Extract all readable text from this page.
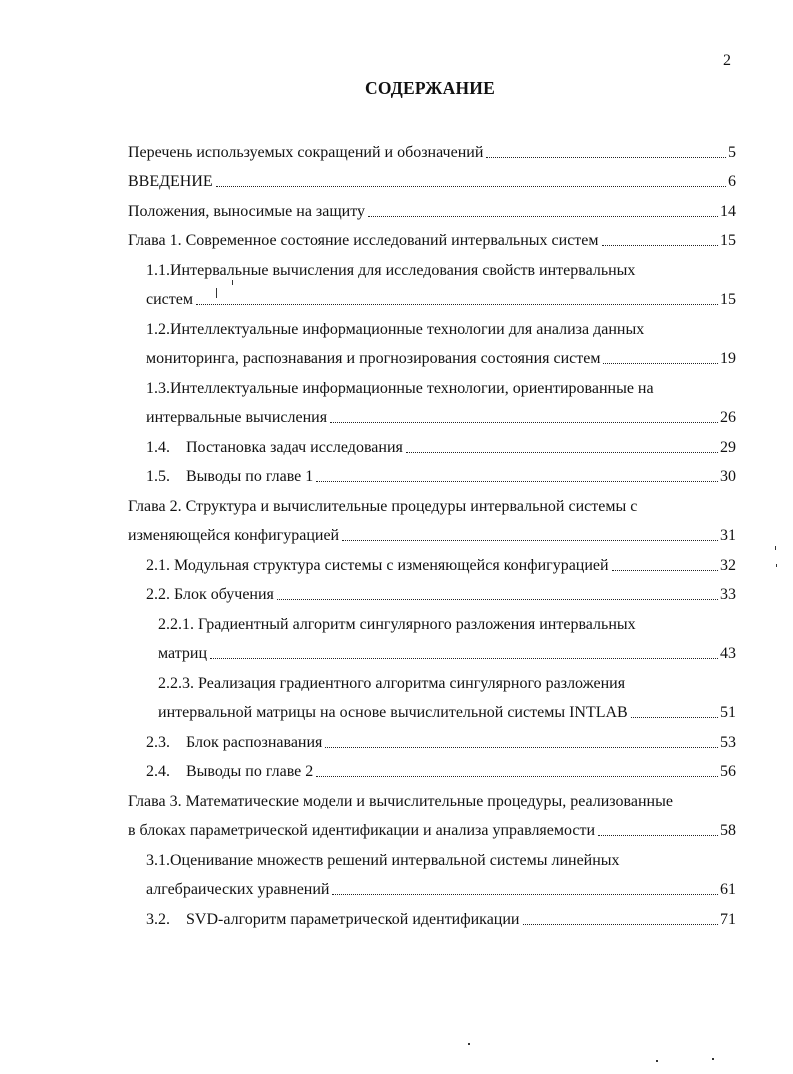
2
СОДЕРЖАНИЕ
Перечень используемых сокращений и обозначений	5
ВВЕДЕНИЕ	6
Положения, выносимые на защиту	14
Глава 1. Современное состояние исследований интервальных систем	15
1.1.Интервальные вычисления для исследования свойств интервальных
систем	15
1.2.Интеллектуальные информационные технологии для анализа данных
мониторинга, распознавания и прогнозирования состояния систем	19
1.3.Интеллектуальные информационные технологии, ориентированные на
интервальные вычисления	26
1.4. Постановка задач исследования	29
1.5. Выводы по главе 1	30
Глава 2. Структура и вычислительные процедуры интервальной системы с
изменяющейся конфигурацией	31
2.1. Модульная структура системы с изменяющейся конфигурацией	32
2.2. Блок обучения	33
2.2.1. Градиентный алгоритм сингулярного разложения интервальных
матриц	43
2.2.3. Реализация градиентного алгоритма сингулярного разложения
интервальной матрицы на основе вычислительной системы INTLAB	51
2.3. Блок распознавания	53
2.4. Выводы по главе 2	56
Глава 3. Математические модели и вычислительные процедуры, реализованные
в блоках параметрической идентификации и анализа управляемости	58
3.1.Оценивание множеств решений интервальной системы линейных
алгебраических уравнений	61
3.2. SVD-алгоритм параметрической идентификации	71
